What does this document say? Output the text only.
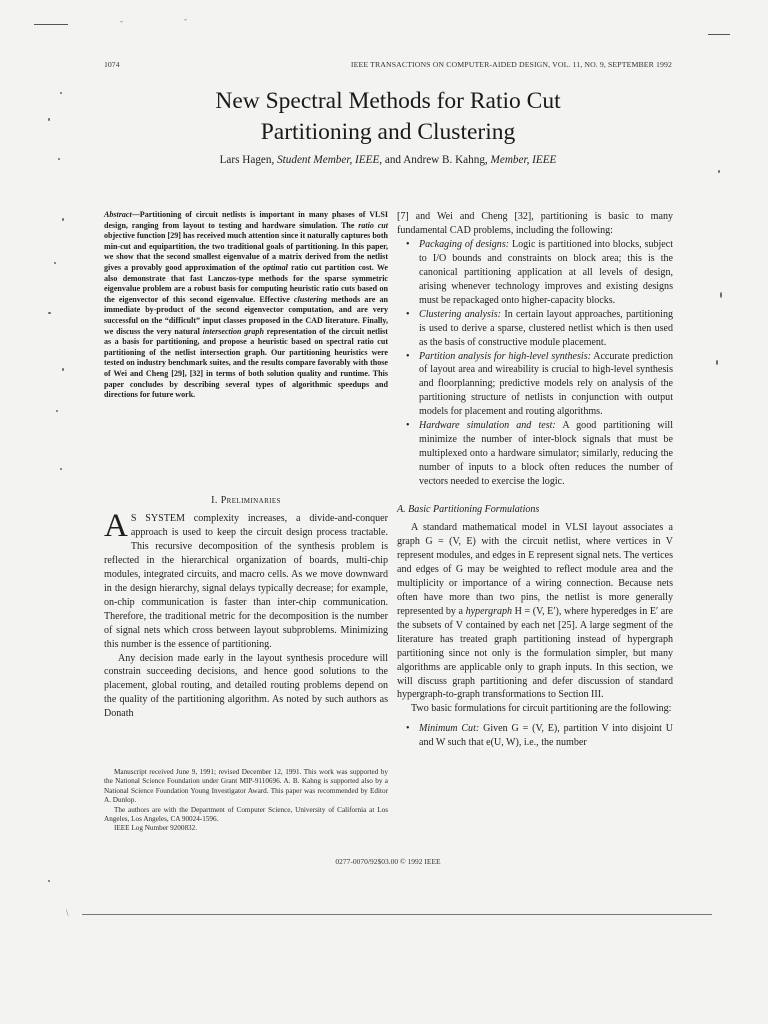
-	-
\
1074	IEEE TRANSACTIONS ON COMPUTER-AIDED DESIGN, VOL. 11, NO. 9, SEPTEMBER 1992
New Spectral Methods for Ratio Cut
Partitioning and Clustering
Lars Hagen, Student Member, IEEE, and Andrew B. Kahng, Member, IEEE
Abstract—Partitioning of circuit netlists is important in many phases of VLSI design, ranging from layout to testing and hardware simulation. The ratio cut objective function [29] has received much attention since it naturally captures both min-cut and equipartition, the two traditional goals of partitioning. In this paper, we show that the second smallest eigenvalue of a matrix derived from the netlist gives a provably good approximation of the optimal ratio cut partition cost. We also demonstrate that fast Lanczos-type methods for the sparse symmetric eigenvalue problem are a robust basis for computing heuristic ratio cuts based on the eigenvector of this second eigenvalue. Effective clustering methods are an immediate by-product of the second eigenvector computation, and are very successful on the “difficult” input classes proposed in the CAD literature. Finally, we discuss the very natural intersection graph representation of the circuit netlist as a basis for partitioning, and propose a heuristic based on spectral ratio cut partitioning of the netlist intersection graph. Our partitioning heuristics were tested on industry benchmark suites, and the results compare favorably with those of Wei and Cheng [29], [32] in terms of both solution quality and runtime. This paper concludes by describing several types of algorithmic speedups and directions for future work.
I. Preliminaries
A S SYSTEM complexity increases, a divide-and-conquer approach is used to keep the circuit design process tractable. This recursive decomposition of the synthesis problem is reflected in the hierarchical organization of boards, multi-chip modules, integrated circuits, and macro cells. As we move downward in the design hierarchy, signal delays typically decrease; for example, on-chip communication is faster than inter-chip communication. Therefore, the traditional metric for the decomposition is the number of signal nets which cross between layout subproblems. Minimizing this number is the essence of partitioning.
Any decision made early in the layout synthesis procedure will constrain succeeding decisions, and hence good solutions to the placement, global routing, and detailed routing problems depend on the quality of the partitioning algorithm. As noted by such authors as Donath

Manuscript received June 9, 1991; revised December 12, 1991. This work was supported by the National Science Foundation under Grant MIP-9110696. A. B. Kahng is supported also by a National Science Foundation Young Investigator Award. This paper was recommended by Editor A. Dunlop.

The authors are with the Department of Computer Science, University of California at Los Angeles, Los Angeles, CA 90024-1596.

IEEE Log Number 9200832.

[7] and Wei and Cheng [32], partitioning is basic to many fundamental CAD problems, including the following:

• Packaging of designs: Logic is partitioned into blocks, subject to I/O bounds and constraints on block area; this is the canonical partitioning application at all levels of design, arising whenever technology improves and existing designs must be repackaged onto higher-capacity blocks.
• Clustering analysis: In certain layout approaches, partitioning is used to derive a sparse, clustered netlist which is then used as the basis of constructive module placement.
• Partition analysis for high-level synthesis: Accurate prediction of layout area and wireability is crucial to high-level synthesis and floorplanning; predictive models rely on analysis of the partitioning structure of netlists in conjunction with output models for placement and routing algorithms.
• Hardware simulation and test: A good partitioning will minimize the number of inter-block signals that must be multiplexed onto a hardware simulator; similarly, reducing the number of inputs to a block often reduces the number of vectors needed to exercise the logic.

A. Basic Partitioning Formulations

A standard mathematical model in VLSI layout associates a graph G = (V, E) with the circuit netlist, where vertices in V represent modules, and edges in E represent signal nets. The vertices and edges of G may be weighted to reflect module area and the multiplicity or importance of a wiring connection. Because nets often have more than two pins, the netlist is more generally represented by a hypergraph H = (V, E′), where hyperedges in E′ are the subsets of V contained by each net [25]. A large segment of the literature has treated graph partitioning instead of hypergraph partitioning since not only is the formulation simpler, but many algorithms are applicable only to graph inputs. In this section, we will discuss graph partitioning and defer discussion of standard hypergraph-to-graph transformations to Section III.

Two basic formulations for circuit partitioning are the following:

• Minimum Cut: Given G = (V, E), partition V into disjoint U and W such that e(U, W), i.e., the number
0277-0070/92$03.00 © 1992 IEEE
